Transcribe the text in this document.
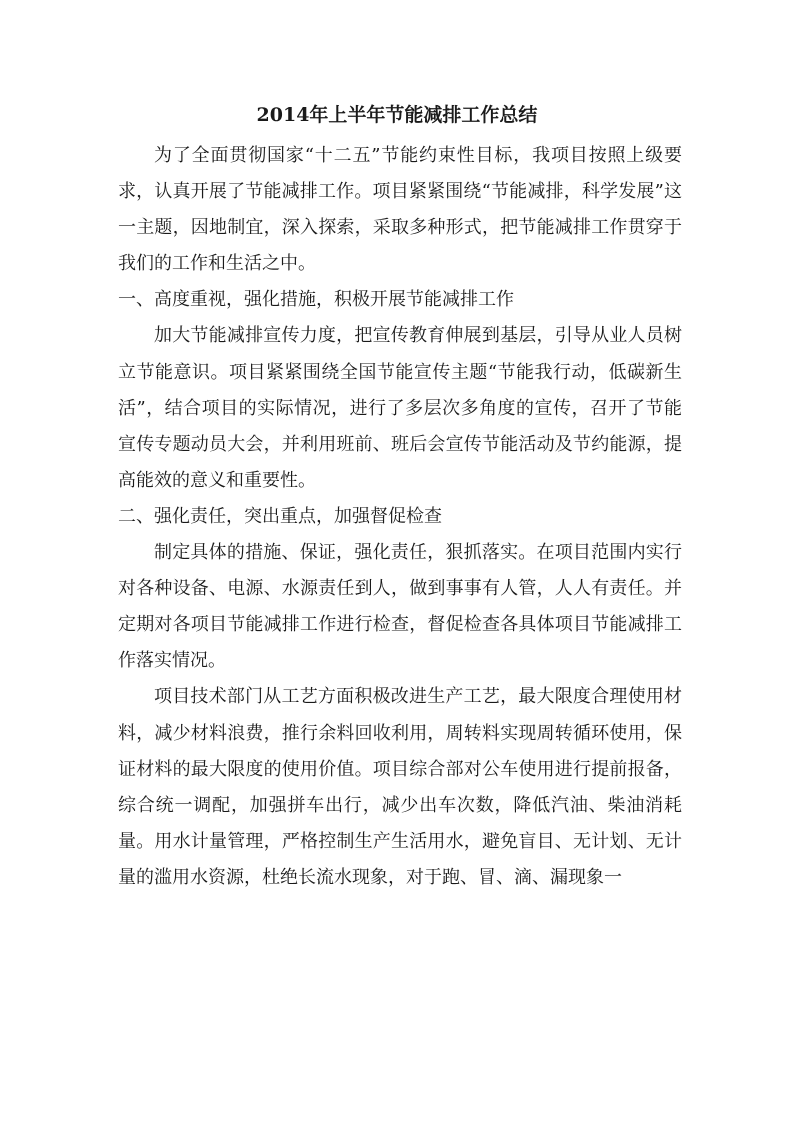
2014年上半年节能减排工作总结

为了全面贯彻国家“十二五”节能约束性目标，我项目按照上级要求，认真开展了节能减排工作。项目紧紧围绕“节能减排，科学发展”这一主题，因地制宜，深入探索，采取多种形式，把节能减排工作贯穿于我们的工作和生活之中。

一、高度重视，强化措施，积极开展节能减排工作

加大节能减排宣传力度，把宣传教育伸展到基层，引导从业人员树立节能意识。项目紧紧围绕全国节能宣传主题“节能我行动，低碳新生活”，结合项目的实际情况，进行了多层次多角度的宣传，召开了节能宣传专题动员大会，并利用班前、班后会宣传节能活动及节约能源，提高能效的意义和重要性。

二、强化责任，突出重点，加强督促检查

制定具体的措施、保证，强化责任，狠抓落实。在项目范围内实行对各种设备、电源、水源责任到人，做到事事有人管，人人有责任。并定期对各项目节能减排工作进行检查，督促检查各具体项目节能减排工作落实情况。

项目技术部门从工艺方面积极改进生产工艺，最大限度合理使用材料，减少材料浪费，推行余料回收利用，周转料实现周转循环使用，保证材料的最大限度的使用价值。项目综合部对公车使用进行提前报备，综合统一调配，加强拼车出行，减少出车次数，降低汽油、柴油消耗量。用水计量管理，严格控制生产生活用水，避免盲目、无计划、无计量的滥用水资源，杜绝长流水现象，对于跑、冒、滴、漏现象一
